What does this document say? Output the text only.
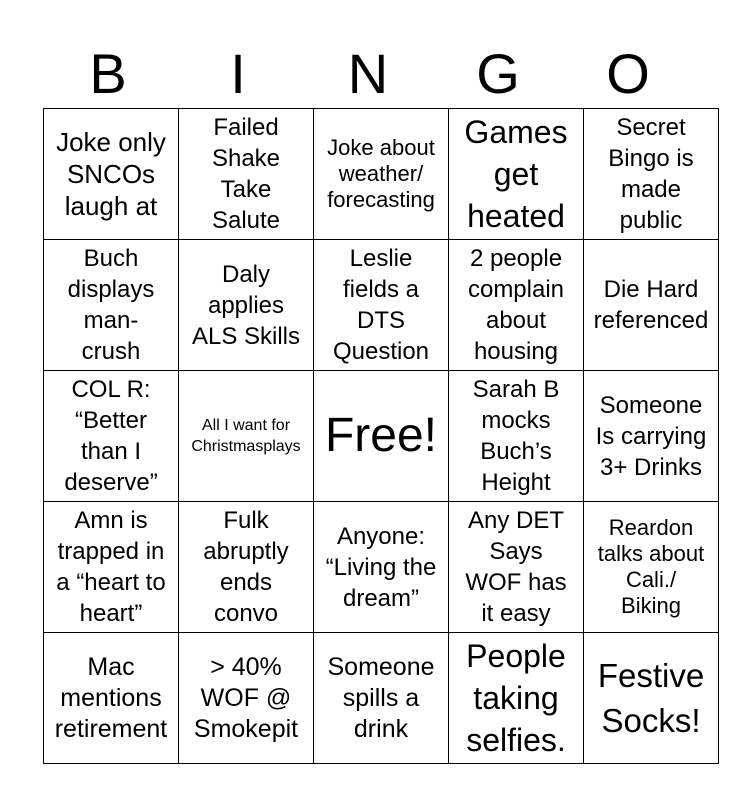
B	I	N	G	O
Joke only
SNCOs
laugh at	Failed
Shake
Take
Salute	Joke about
weather/
forecasting	Games
get
heated	Secret
Bingo is
made
public

Buch
displays
man-
crush	Daly
applies
ALS Skills	Leslie
fields a
DTS
Question	2 people
complain
about
housing	Die Hard
referenced

COL R:
“Better
than I
deserve”	All I want for
Christmasplays	Free!	Sarah B
mocks
Buch’s
Height	Someone
Is carrying
3+ Drinks

Amn is
trapped in
a “heart to
heart”	Fulk
abruptly
ends
convo	Anyone:
“Living the
dream”	Any DET
Says
WOF has
it easy	Reardon
talks about
Cali./
Biking

Mac
mentions
retirement	> 40%
WOF @
Smokepit	Someone
spills a
drink	People
taking
selfies.	Festive
Socks!
